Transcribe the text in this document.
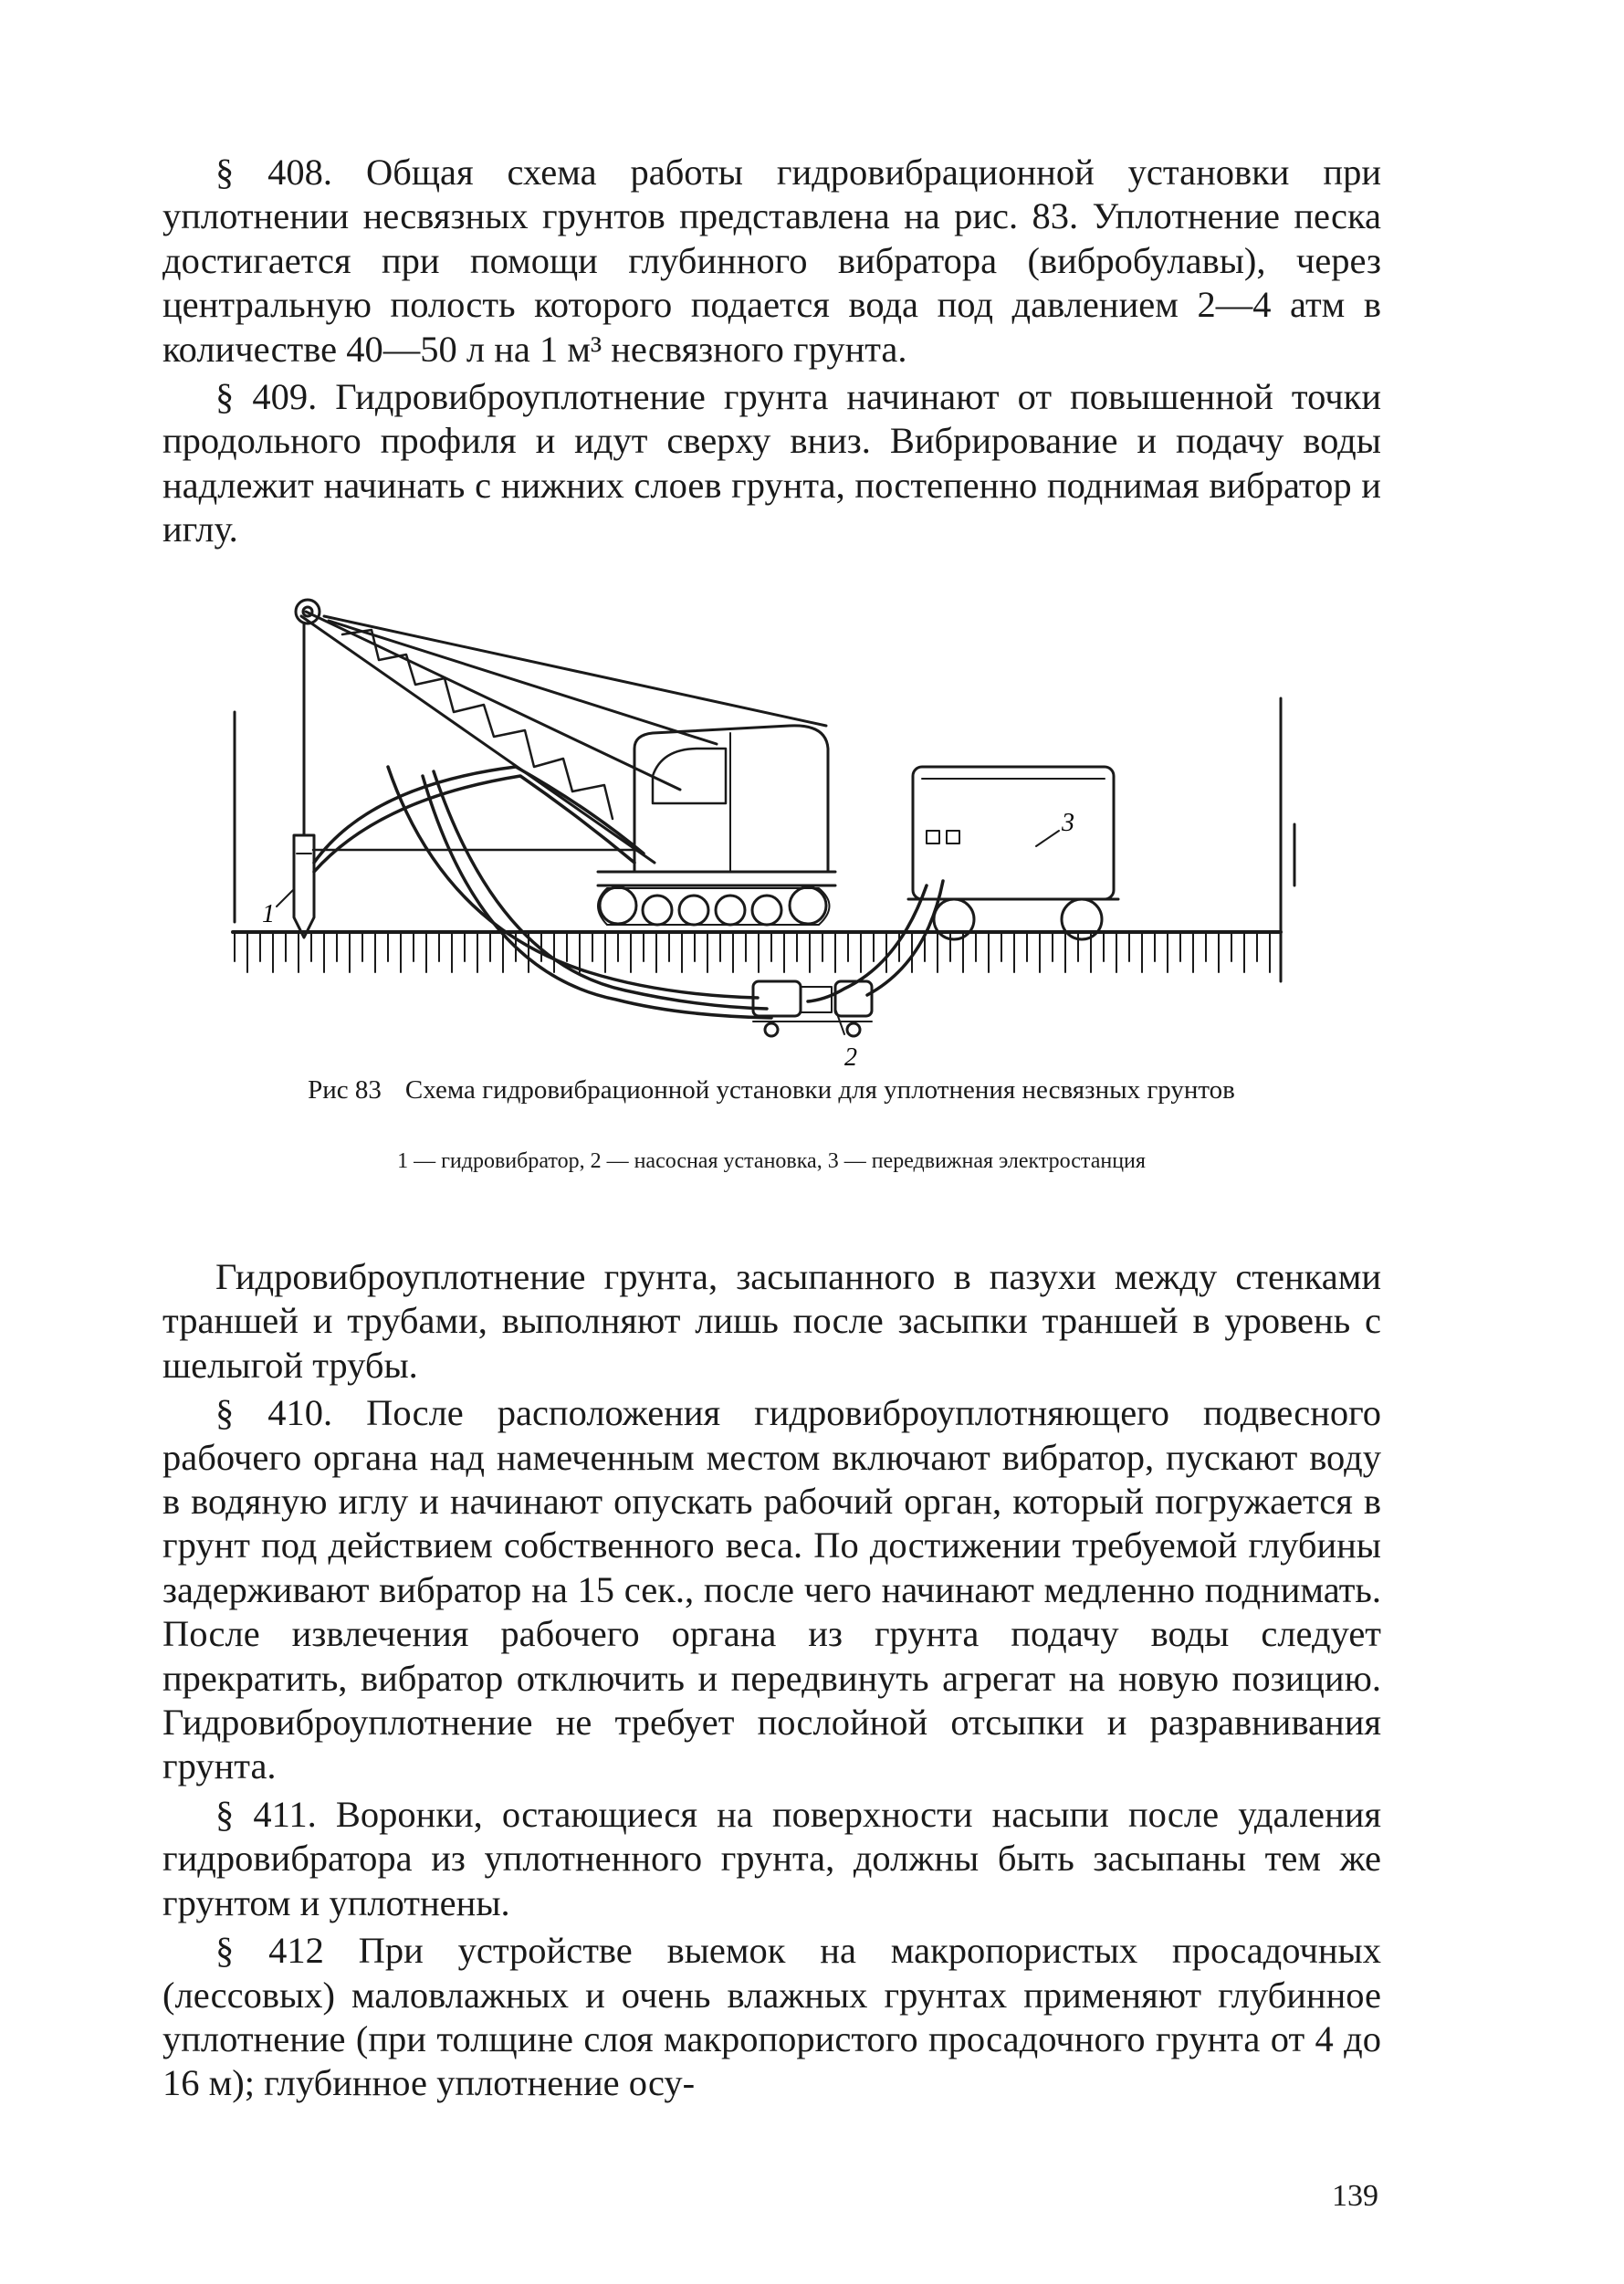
§ 408. Общая схема работы гидровибрационной установки при уплотнении несвязных грунтов представлена на рис. 83. Уплотнение песка достигается при помощи глубинного вибратора (вибробулавы), через центральную полость которого подается вода под давлением 2—4 атм в количестве 40—50 л на 1 м³ несвязного грунта.

§ 409. Гидровиброуплотнение грунта начинают от повышенной точки продольного профиля и идут сверху вниз. Вибрирование и подачу воды надлежит начинать с нижних слоев грунта, постепенно поднимая вибратор и иглу.

1
2
3
Рис 83 Схема гидровибрационной установки для уплотнения несвязных грунтов
1 — гидровибратор, 2 — насосная установка, 3 — передвижная электростанция

Гидровиброуплотнение грунта, засыпанного в пазухи между стенками траншей и трубами, выполняют лишь после засыпки траншей в уровень с шелыгой трубы.

§ 410. После расположения гидровиброуплотняющего подвесного рабочего органа над намеченным местом включают вибратор, пускают воду в водяную иглу и начинают опускать рабочий орган, который погружается в грунт под действием собственного веса. По достижении требуемой глубины задерживают вибратор на 15 сек., после чего начинают медленно поднимать. После извлечения рабочего органа из грунта подачу воды следует прекратить, вибратор отключить и передвинуть агрегат на новую позицию. Гидровиброуплотнение не требует послойной отсыпки и разравнивания грунта.

§ 411. Воронки, остающиеся на поверхности насыпи после удаления гидровибратора из уплотненного грунта, должны быть засыпаны тем же грунтом и уплотнены.

§ 412 При устройстве выемок на макропористых просадочных (лессовых) маловлажных и очень влажных грунтах применяют глубинное уплотнение (при толщине слоя макропористого просадочного грунта от 4 до 16 м); глубинное уплотнение осу-

139
